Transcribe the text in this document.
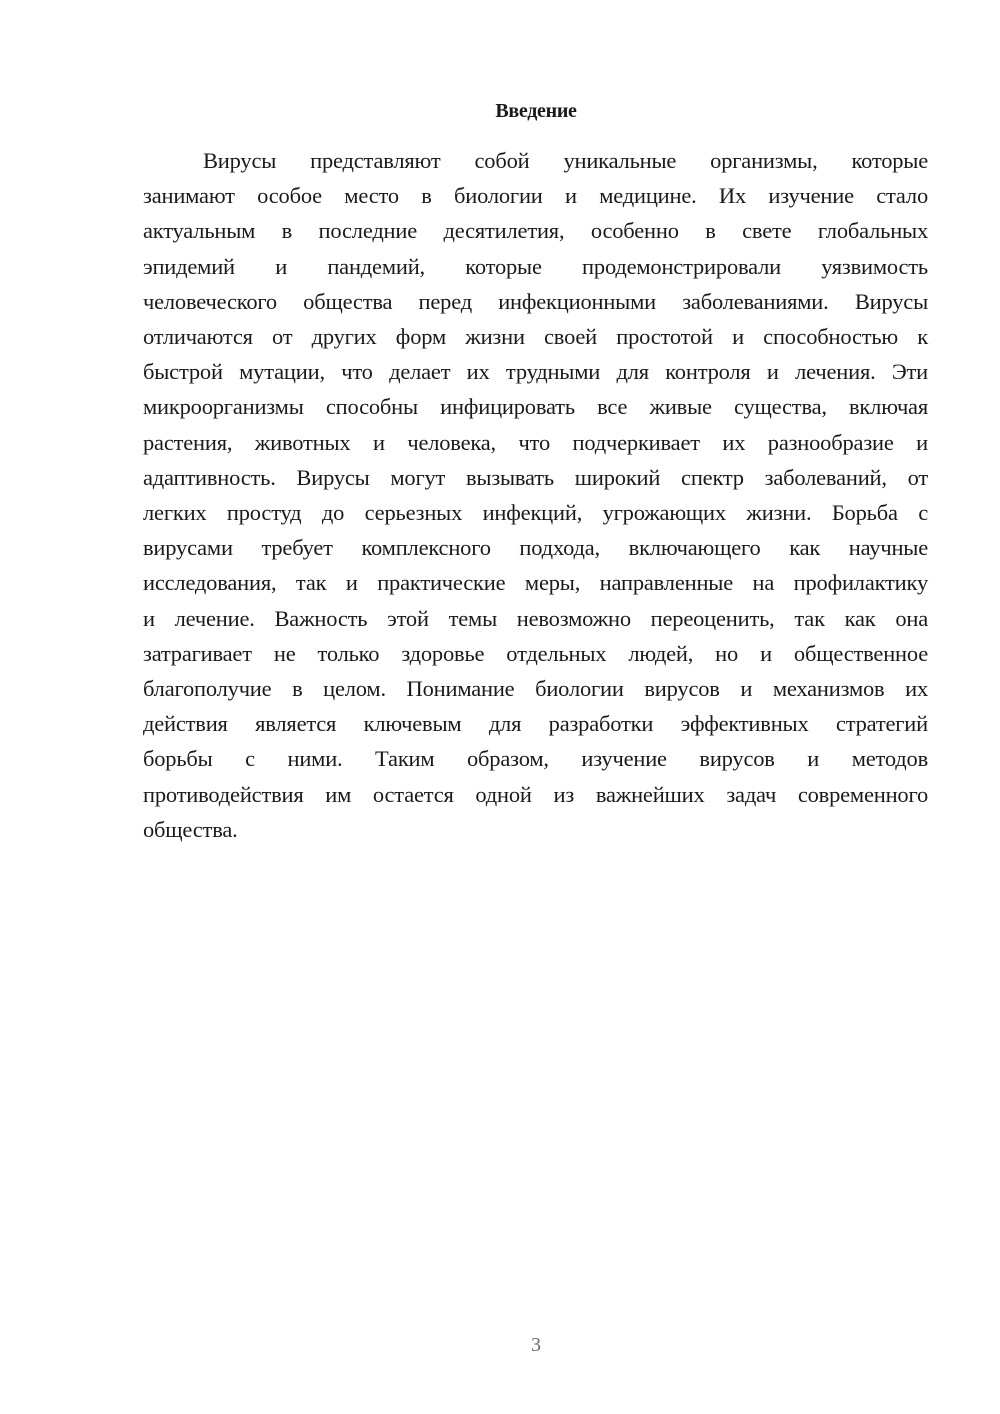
Введение
Вирусы представляют собой уникальные организмы, которые
занимают особое место в биологии и медицине. Их изучение стало
актуальным в последние десятилетия, особенно в свете глобальных
эпидемий и пандемий, которые продемонстрировали уязвимость
человеческого общества перед инфекционными заболеваниями. Вирусы
отличаются от других форм жизни своей простотой и способностью к
быстрой мутации, что делает их трудными для контроля и лечения. Эти
микроорганизмы способны инфицировать все живые существа, включая
растения, животных и человека, что подчеркивает их разнообразие и
адаптивность. Вирусы могут вызывать широкий спектр заболеваний, от
легких простуд до серьезных инфекций, угрожающих жизни. Борьба с
вирусами требует комплексного подхода, включающего как научные
исследования, так и практические меры, направленные на профилактику
и лечение. Важность этой темы невозможно переоценить, так как она
затрагивает не только здоровье отдельных людей, но и общественное
благополучие в целом. Понимание биологии вирусов и механизмов их
действия является ключевым для разработки эффективных стратегий
борьбы с ними. Таким образом, изучение вирусов и методов
противодействия им остается одной из важнейших задач современного
общества.
3
